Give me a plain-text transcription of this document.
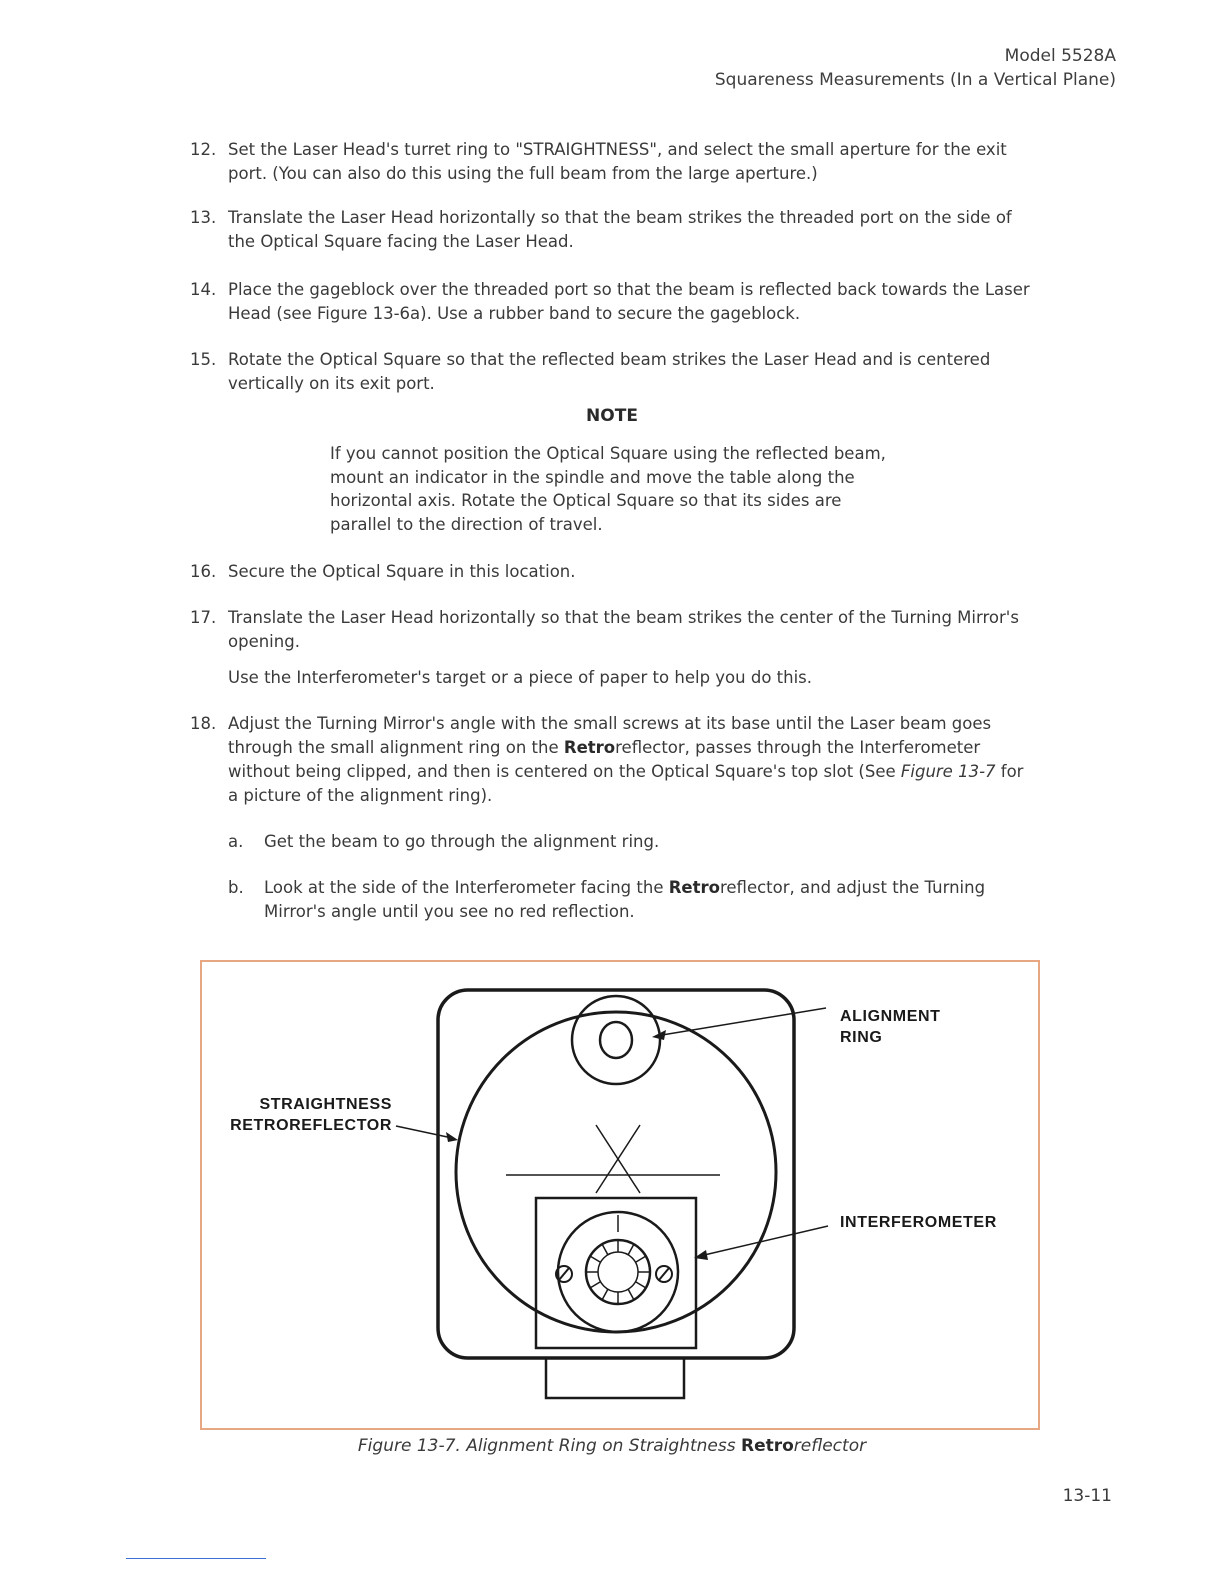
Model 5528A
Squareness Measurements (In a Vertical Plane)
12. Set the Laser Head's turret ring to "STRAIGHTNESS", and select the small aperture for the exit port. (You can also do this using the full beam from the large aperture.)

13. Translate the Laser Head horizontally so that the beam strikes the threaded port on the side of the Optical Square facing the Laser Head.

14. Place the gageblock over the threaded port so that the beam is reflected back towards the Laser Head (see Figure 13-6a). Use a rubber band to secure the gageblock.

15. Rotate the Optical Square so that the reflected beam strikes the Laser Head and is centered vertically on its exit port.

NOTE
If you cannot position the Optical Square using the reflected beam, mount an indicator in the spindle and move the table along the horizontal axis. Rotate the Optical Square so that its sides are parallel to the direction of travel.
16. Secure the Optical Square in this location.

17. Translate the Laser Head horizontally so that the beam strikes the center of the Turning Mirror's opening.

Use the Interferometer's target or a piece of paper to help you do this.
18. Adjust the Turning Mirror's angle with the small screws at its base until the Laser beam goes through the small alignment ring on the Retroreflector, passes through the Interferometer without being clipped, and then is centered on the Optical Square's top slot (See Figure 13-7 for a picture of the alignment ring).

a. Get the beam to go through the alignment ring.

b. Look at the side of the Interferometer facing the Retroreflector, and adjust the Turning Mirror's angle until you see no red reflection.

ALIGNMENT
RING
STRAIGHTNESS
RETROREFLECTOR
INTERFEROMETER
Figure 13-7. Alignment Ring on Straightness Retroreflector
13-11
